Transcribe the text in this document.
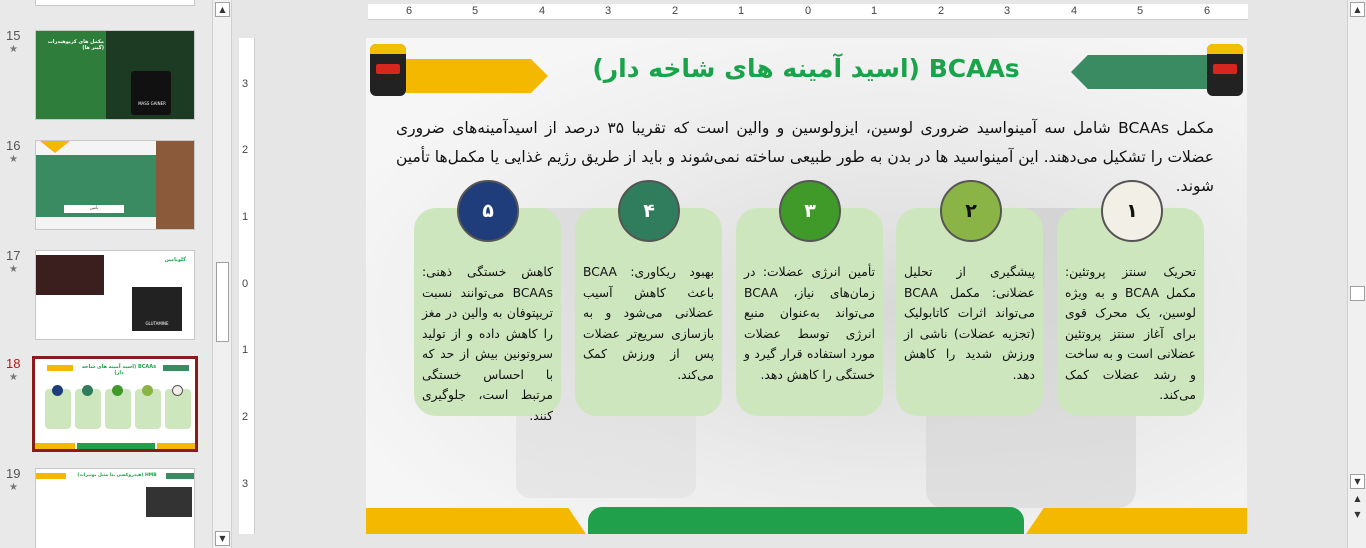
15
★
مکمل های کربوهیدرات (گینر ها)
MASS GAINER
16
★
تأمین
17
★
GLUTAMINE
گلوتامین
18
★
BCAAs (اسید آمینه های شاخه دار)
19
★
HMB (هیدروکسی بتا متیل بوتیرات)
▲
▼
6	5	4	3	2	1	0	1	2	3	4	5	6
3
2
1
0
1
2
3
▲
▼
▲
▼
BCAAs (اسید آمینه های شاخه دار)
مکمل BCAAs شامل سه آمینواسید ضروری لوسین، ایزولوسین و والین است که تقریبا ۳۵ درصد از اسیدآمینه‌های ضروری عضلات را تشکیل می‌دهند. این آمینواسید ها در بدن به طور طبیعی ساخته نمی‌شوند و باید از طریق رژیم غذایی یا مکمل‌ها تأمین شوند.
۱
۲
۳
۴
۵
تحریک سنتز پروتئین: مکمل BCAA و به ویژه لوسین، یک محرک قوی برای آغاز سنتز پروتئین عضلانی است و به ساخت و رشد عضلات کمک می‌کند.
پیشگیری از تحلیل عضلانی: مکمل BCAA می‌تواند اثرات کاتابولیک (تجزیه عضلات) ناشی از ورزش شدید را کاهش دهد.
تأمین انرژی عضلات: در زمان‌های نیاز، BCAA می‌تواند به‌عنوان منبع انرژی توسط عضلات مورد استفاده قرار گیرد و خستگی را کاهش دهد.
بهبود ریکاوری: BCAA باعث کاهش آسیب عضلانی می‌شود و به بازسازی سریع‌تر عضلات پس از ورزش کمک می‌کند.
کاهش خستگی ذهنی: BCAAs می‌توانند نسبت تریپتوفان به والین در مغز را کاهش داده و از تولید سروتونین بیش از حد که با احساس خستگی مرتبط است، جلوگیری کنند.
